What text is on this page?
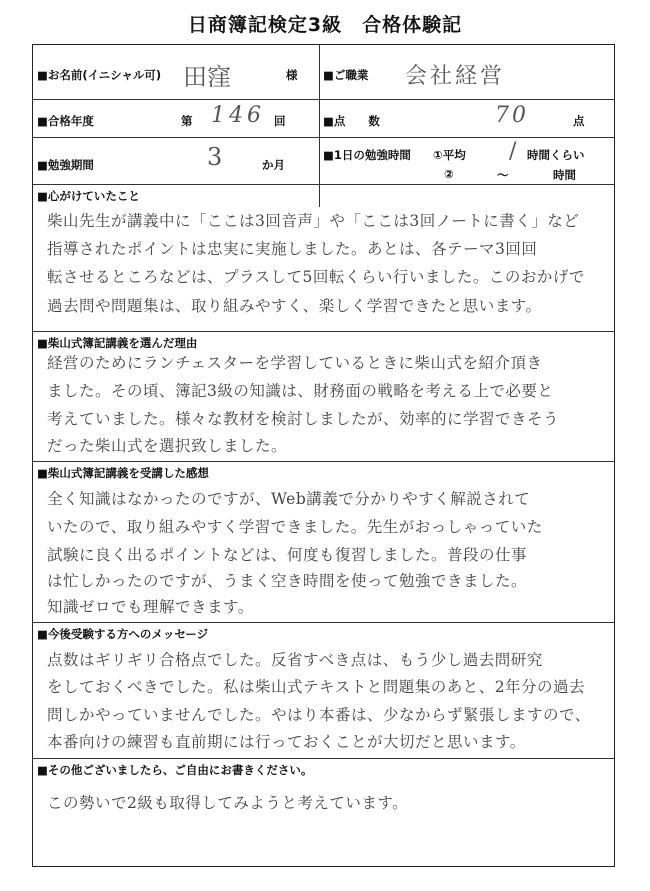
日商簿記検定3級　合格体験記
■お名前(イニシャル可) 田窪	様 ■ご職業 会社経営
■合格年度	第 146 回	■点　　数	70	点
■勉強期間	3	か月
■1日の勉強時間 ①平均 / 時間くらい
②	～	時間
■心がけていたこと
柴山先生が講義中に「ここは3回音声」や「ここは3回ノートに書く」など
指導されたポイントは忠実に実施しました。あとは、各テーマ3回回
転させるところなどは、プラスして5回転くらい行いました。このおかげで
過去問や問題集は、取り組みやすく、楽しく学習できたと思います。
■柴山式簿記講義を選んだ理由
経営のためにランチェスターを学習しているときに柴山式を紹介頂き
ました。その頃、簿記3級の知識は、財務面の戦略を考える上で必要と
考えていました。様々な教材を検討しましたが、効率的に学習できそう
だった柴山式を選択致しました。
■柴山式簿記講義を受講した感想
全く知識はなかったのですが、Web講義で分かりやすく解説されて
いたので、取り組みやすく学習できました。先生がおっしゃっていた
試験に良く出るポイントなどは、何度も復習しました。普段の仕事
は忙しかったのですが、うまく空き時間を使って勉強できました。
知識ゼロでも理解できます。
■今後受験する方へのメッセージ
点数はギリギリ合格点でした。反省すべき点は、もう少し過去問研究
をしておくべきでした。私は柴山式テキストと問題集のあと、2年分の過去
問しかやっていませんでした。やはり本番は、少なからず緊張しますので、
本番向けの練習も直前期には行っておくことが大切だと思います。
■その他ございましたら、ご自由にお書きください。
この勢いで2級も取得してみようと考えています。
